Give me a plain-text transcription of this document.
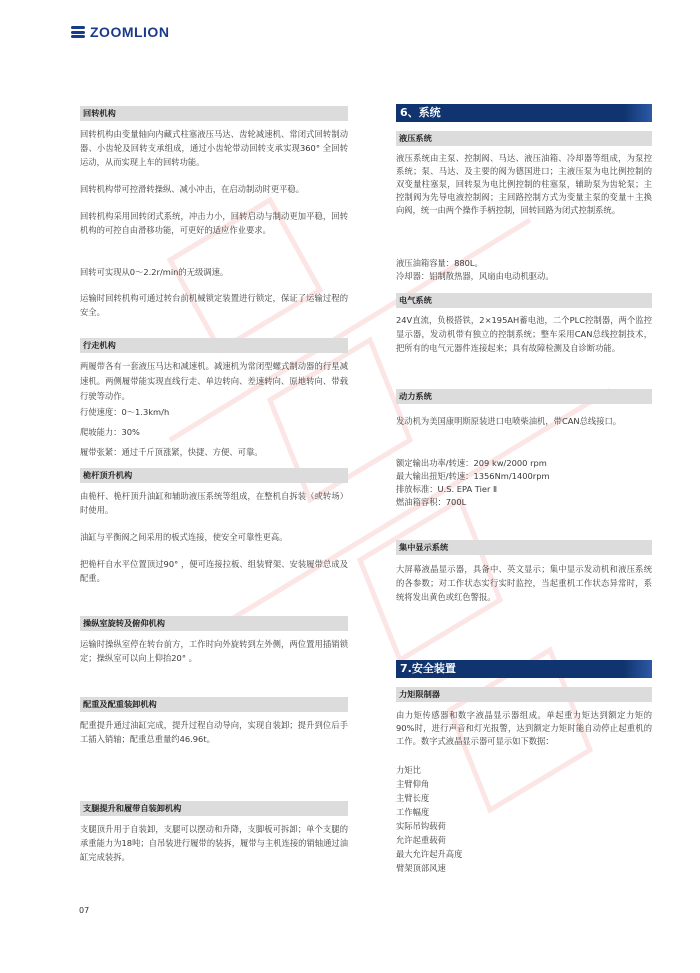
ZOOMLION
回转机构

回转机构由变量轴向内藏式柱塞液压马达、齿轮减速机、常闭式回转制动器、小齿轮及回转支承组成，通过小齿轮带动回转支承实现360° 全回转运动，从而实现上车的回转功能。

回转机构带可控滑转操纵、减小冲击，在启动制动时更平稳。

回转机构采用回转闭式系统，冲击力小，回转启动与制动更加平稳，回转机构的可控自由滑移功能，可更好的适应作业要求。

回转可实现从0～2.2r/min的无级调速。

运输时回转机构可通过转台前机械锁定装置进行锁定，保证了运输过程的安全。

行走机构

两履带各有一套液压马达和减速机。减速机为常闭型螺式制动器的行星减速机。两侧履带能实现直线行走、单边转向、差速转向、原地转向、带载行驶等动作。

行使速度：0～1.3km/h

爬坡能力：30%

履带张紧：通过千斤顶涨紧，快捷、方便、可靠。

桅杆顶升机构

由桅杆、桅杆顶升油缸和辅助液压系统等组成，在整机自拆装（或转场）时使用。

油缸与平衡阀之间采用的板式连接，使安全可靠性更高。

把桅杆自水平位置顶过90° ，便可连接拉板、组装臂架、安装履带总成及配重。

操纵室旋转及俯仰机构

运输时操纵室停在转台前方，工作时向外旋转到左外侧，两位置用插销锁定；操纵室可以向上仰抬20° 。

配重及配重装卸机构

配重提升通过油缸完成，提升过程自动导向，实现自装卸；提升到位后手工插入销轴；配重总重量约46.96t。

支腿提升和履带自装卸机构

支腿顶升用于自装卸，支腿可以摆动和升降，支脚板可拆卸；单个支腿的承重能力为18吨；自吊装进行履带的装拆，履带与主机连接的销轴通过油缸完成装拆。

6、系统
液压系统

液压系统由主泵、控制阀、马达、液压油箱、冷却器等组成，为泵控系统；泵、马达、及主要的阀为德国进口；主液压泵为电比例控制的双变量柱塞泵，回转泵为电比例控制的柱塞泵，辅助泵为齿轮泵；主控制阀为先导电液控制阀；主回路控制方式为变量主泵的变量＋主换向阀，统一由两个操作手柄控制，回转回路为闭式控制系统。

液压油箱容量：880L。

冷却器：铝制散热器，风扇由电动机驱动。

电气系统

24V直流，负极搭铁，2×195AH蓄电池，二个PLC控制器，两个监控显示器，发动机带有独立的控制系统；整车采用CAN总线控制技术，把所有的电气元器件连接起来；具有故障检测及自诊断功能。

动力系统

发动机为美国康明斯原装进口电喷柴油机，带CAN总线接口。

额定输出功率/转速：209 kw/2000 rpm

最大输出扭矩/转速：1356Nm/1400rpm

排放标准：U.S. EPA Tier Ⅱ

燃油箱容积：700L

集中显示系统

大屏幕液晶显示器，具备中、英文显示；集中显示发动机和液压系统的各参数；对工作状态实行实时监控，当起重机工作状态异常时，系统将发出黄色或红色警报。

7.安全装置
力矩限制器

由力矩传感器和数字液晶显示器组成。单起重力矩达到额定力矩的90%时，进行声音和灯光报警，达到额定力矩时能自动停止起重机的工作。数字式液晶显示器可显示如下数据：

力矩比

主臂仰角

主臂长度

工作幅度

实际吊钩载荷

允许起重载荷

最大允许起升高度

臂架顶部风速

07
